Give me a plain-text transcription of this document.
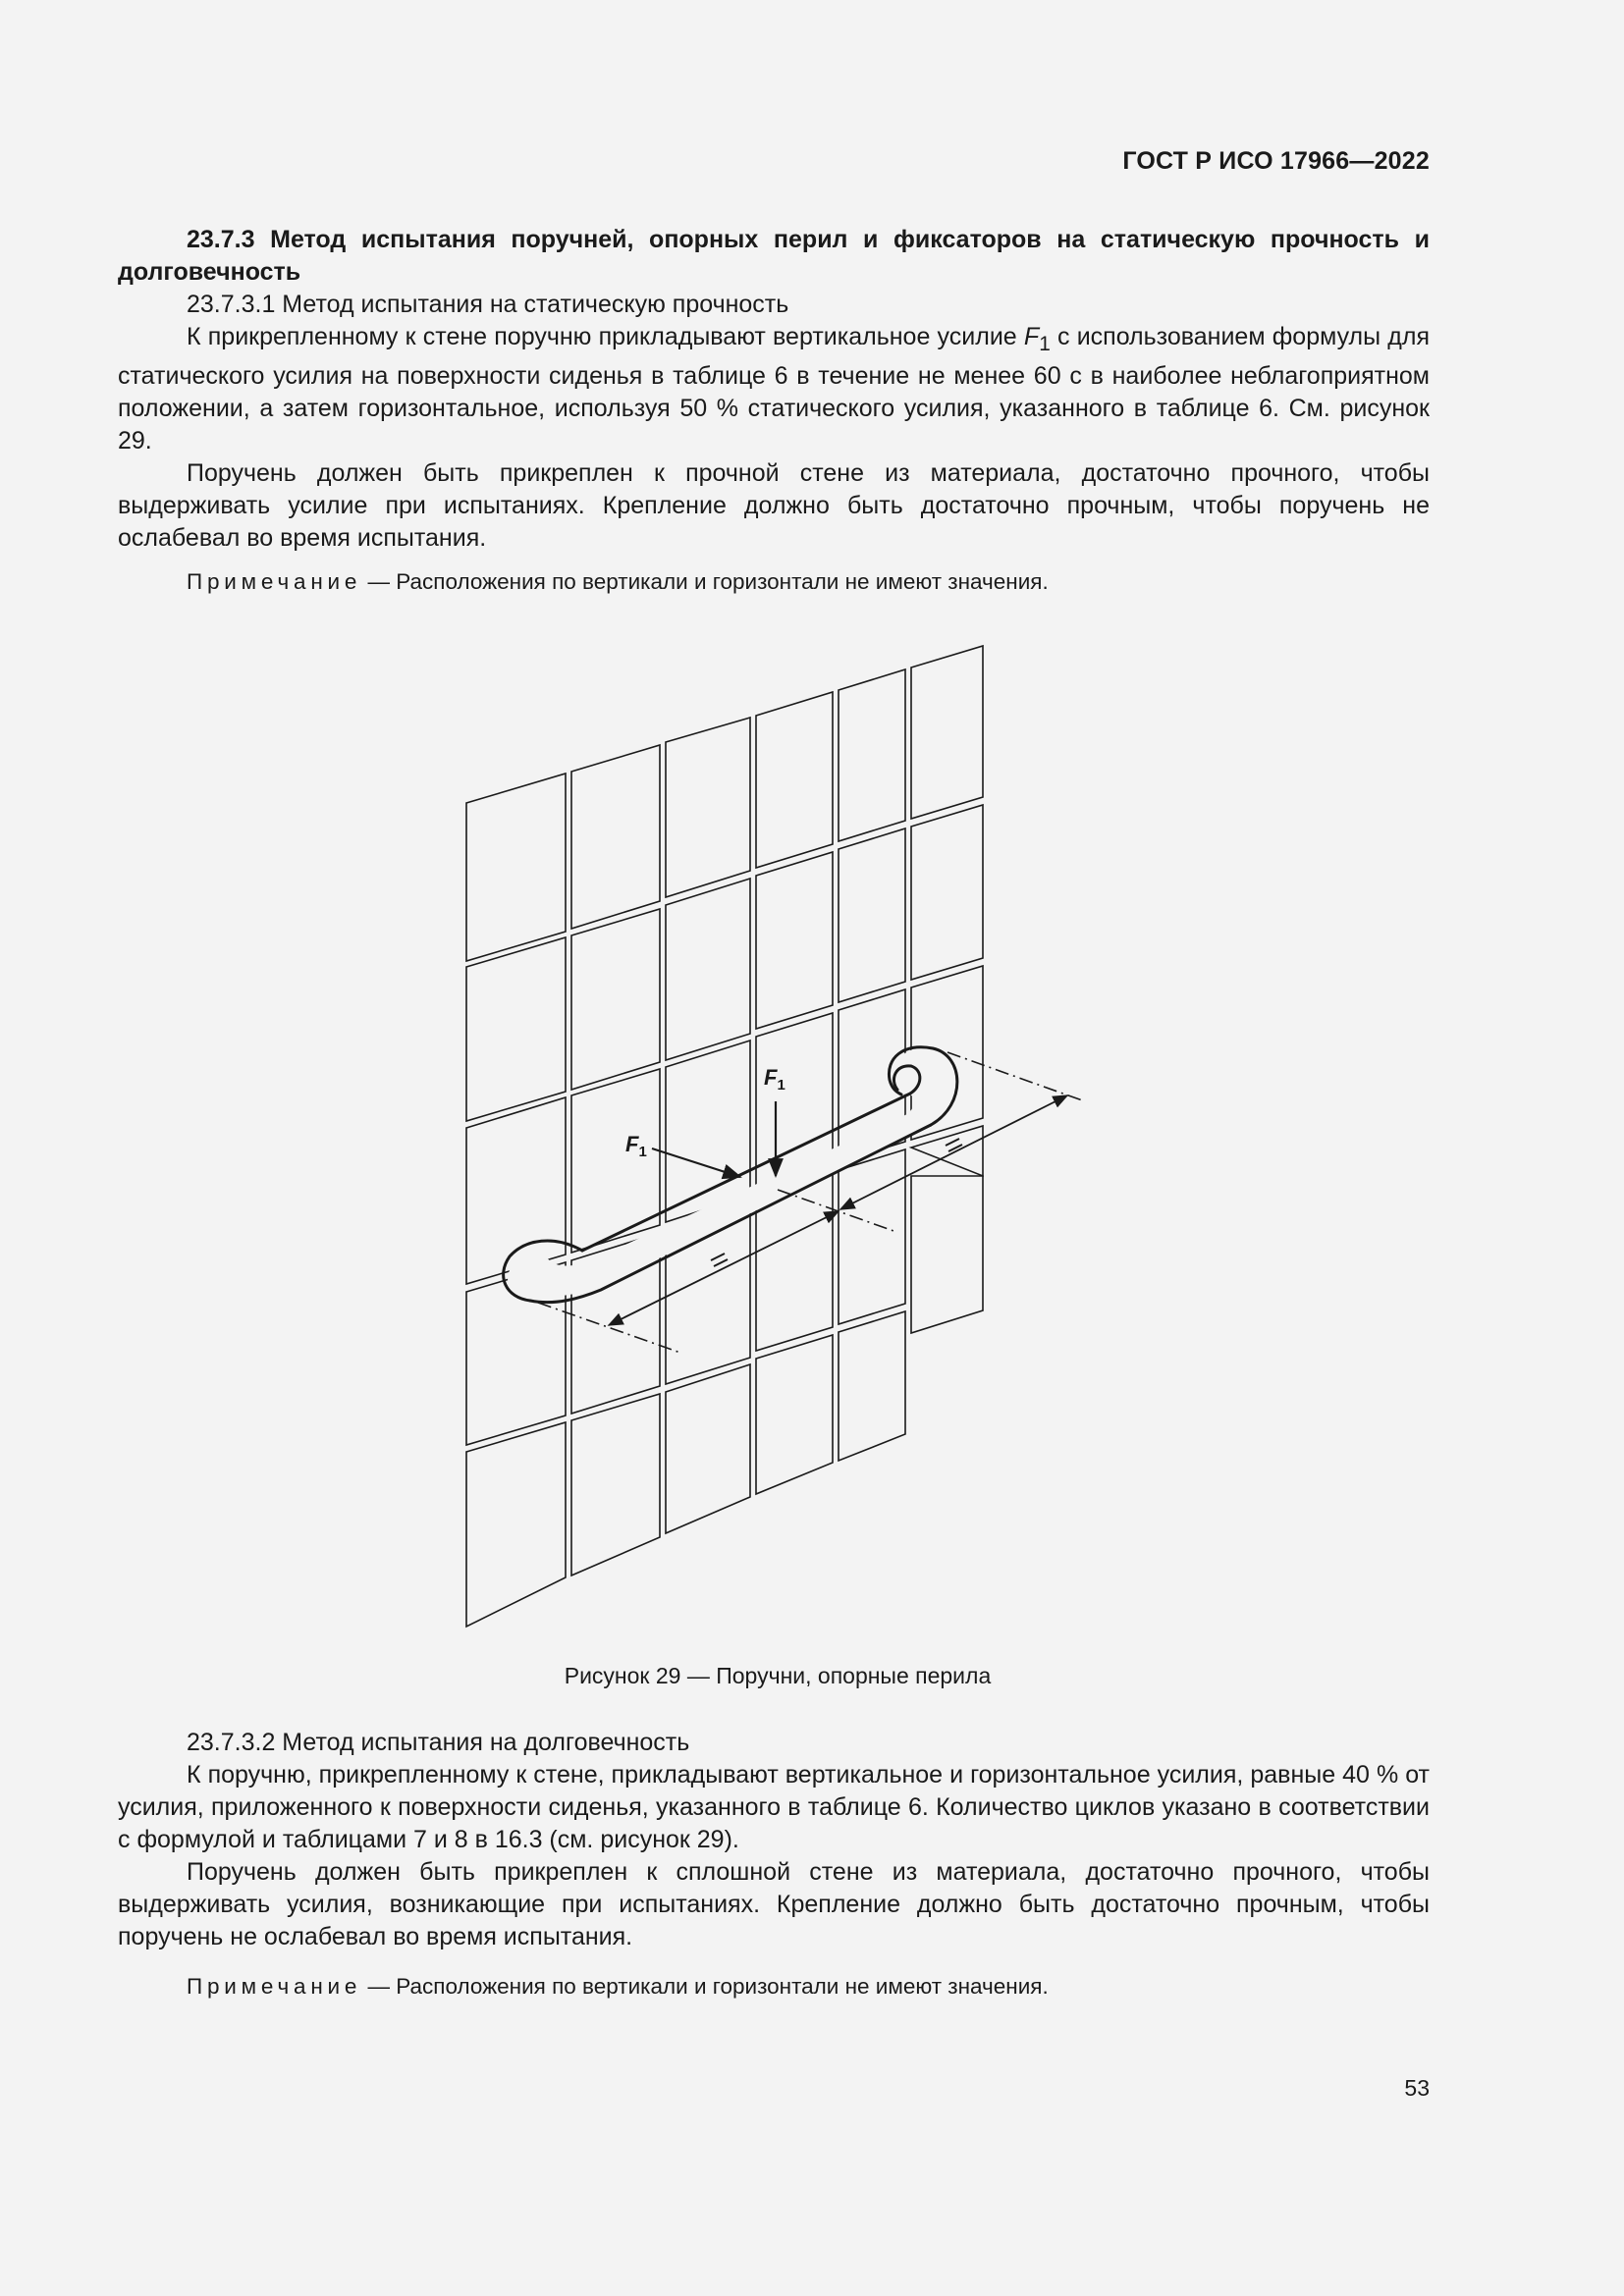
ГОСТ Р ИСО 17966—2022

23.7.3 Метод испытания поручней, опорных перил и фиксаторов на статическую прочность и долговечность

23.7.3.1 Метод испытания на статическую прочность

К прикрепленному к стене поручню прикладывают вертикальное усилие $F_1$ с использованием формулы для статического усилия на поверхности сиденья в таблице 6 в течение не менее 60 с в наиболее неблагоприятном положении, а затем горизонтальное, используя 50 % статического усилия, указанного в таблице 6. См. рисунок 29.

Поручень должен быть прикреплен к прочной стене из материала, достаточно прочного, чтобы выдерживать усилие при испытаниях. Крепление должно быть достаточно прочным, чтобы поручень не ослабевал во время испытания.

Примечание — Расположения по вертикали и горизонтали не имеют значения.
$F_1$
$F_1$
Рисунок 29 — Поручни, опорные перила

23.7.3.2 Метод испытания на долговечность

К поручню, прикрепленному к стене, прикладывают вертикальное и горизонтальное усилия, равные 40 % от усилия, приложенного к поверхности сиденья, указанного в таблице 6. Количество циклов указано в соответствии с формулой и таблицами 7 и 8 в 16.3 (см. рисунок 29).

Поручень должен быть прикреплен к сплошной стене из материала, достаточно прочного, чтобы выдерживать усилия, возникающие при испытаниях. Крепление должно быть достаточно прочным, чтобы поручень не ослабевал во время испытания.

Примечание — Расположения по вертикали и горизонтали не имеют значения.
53
